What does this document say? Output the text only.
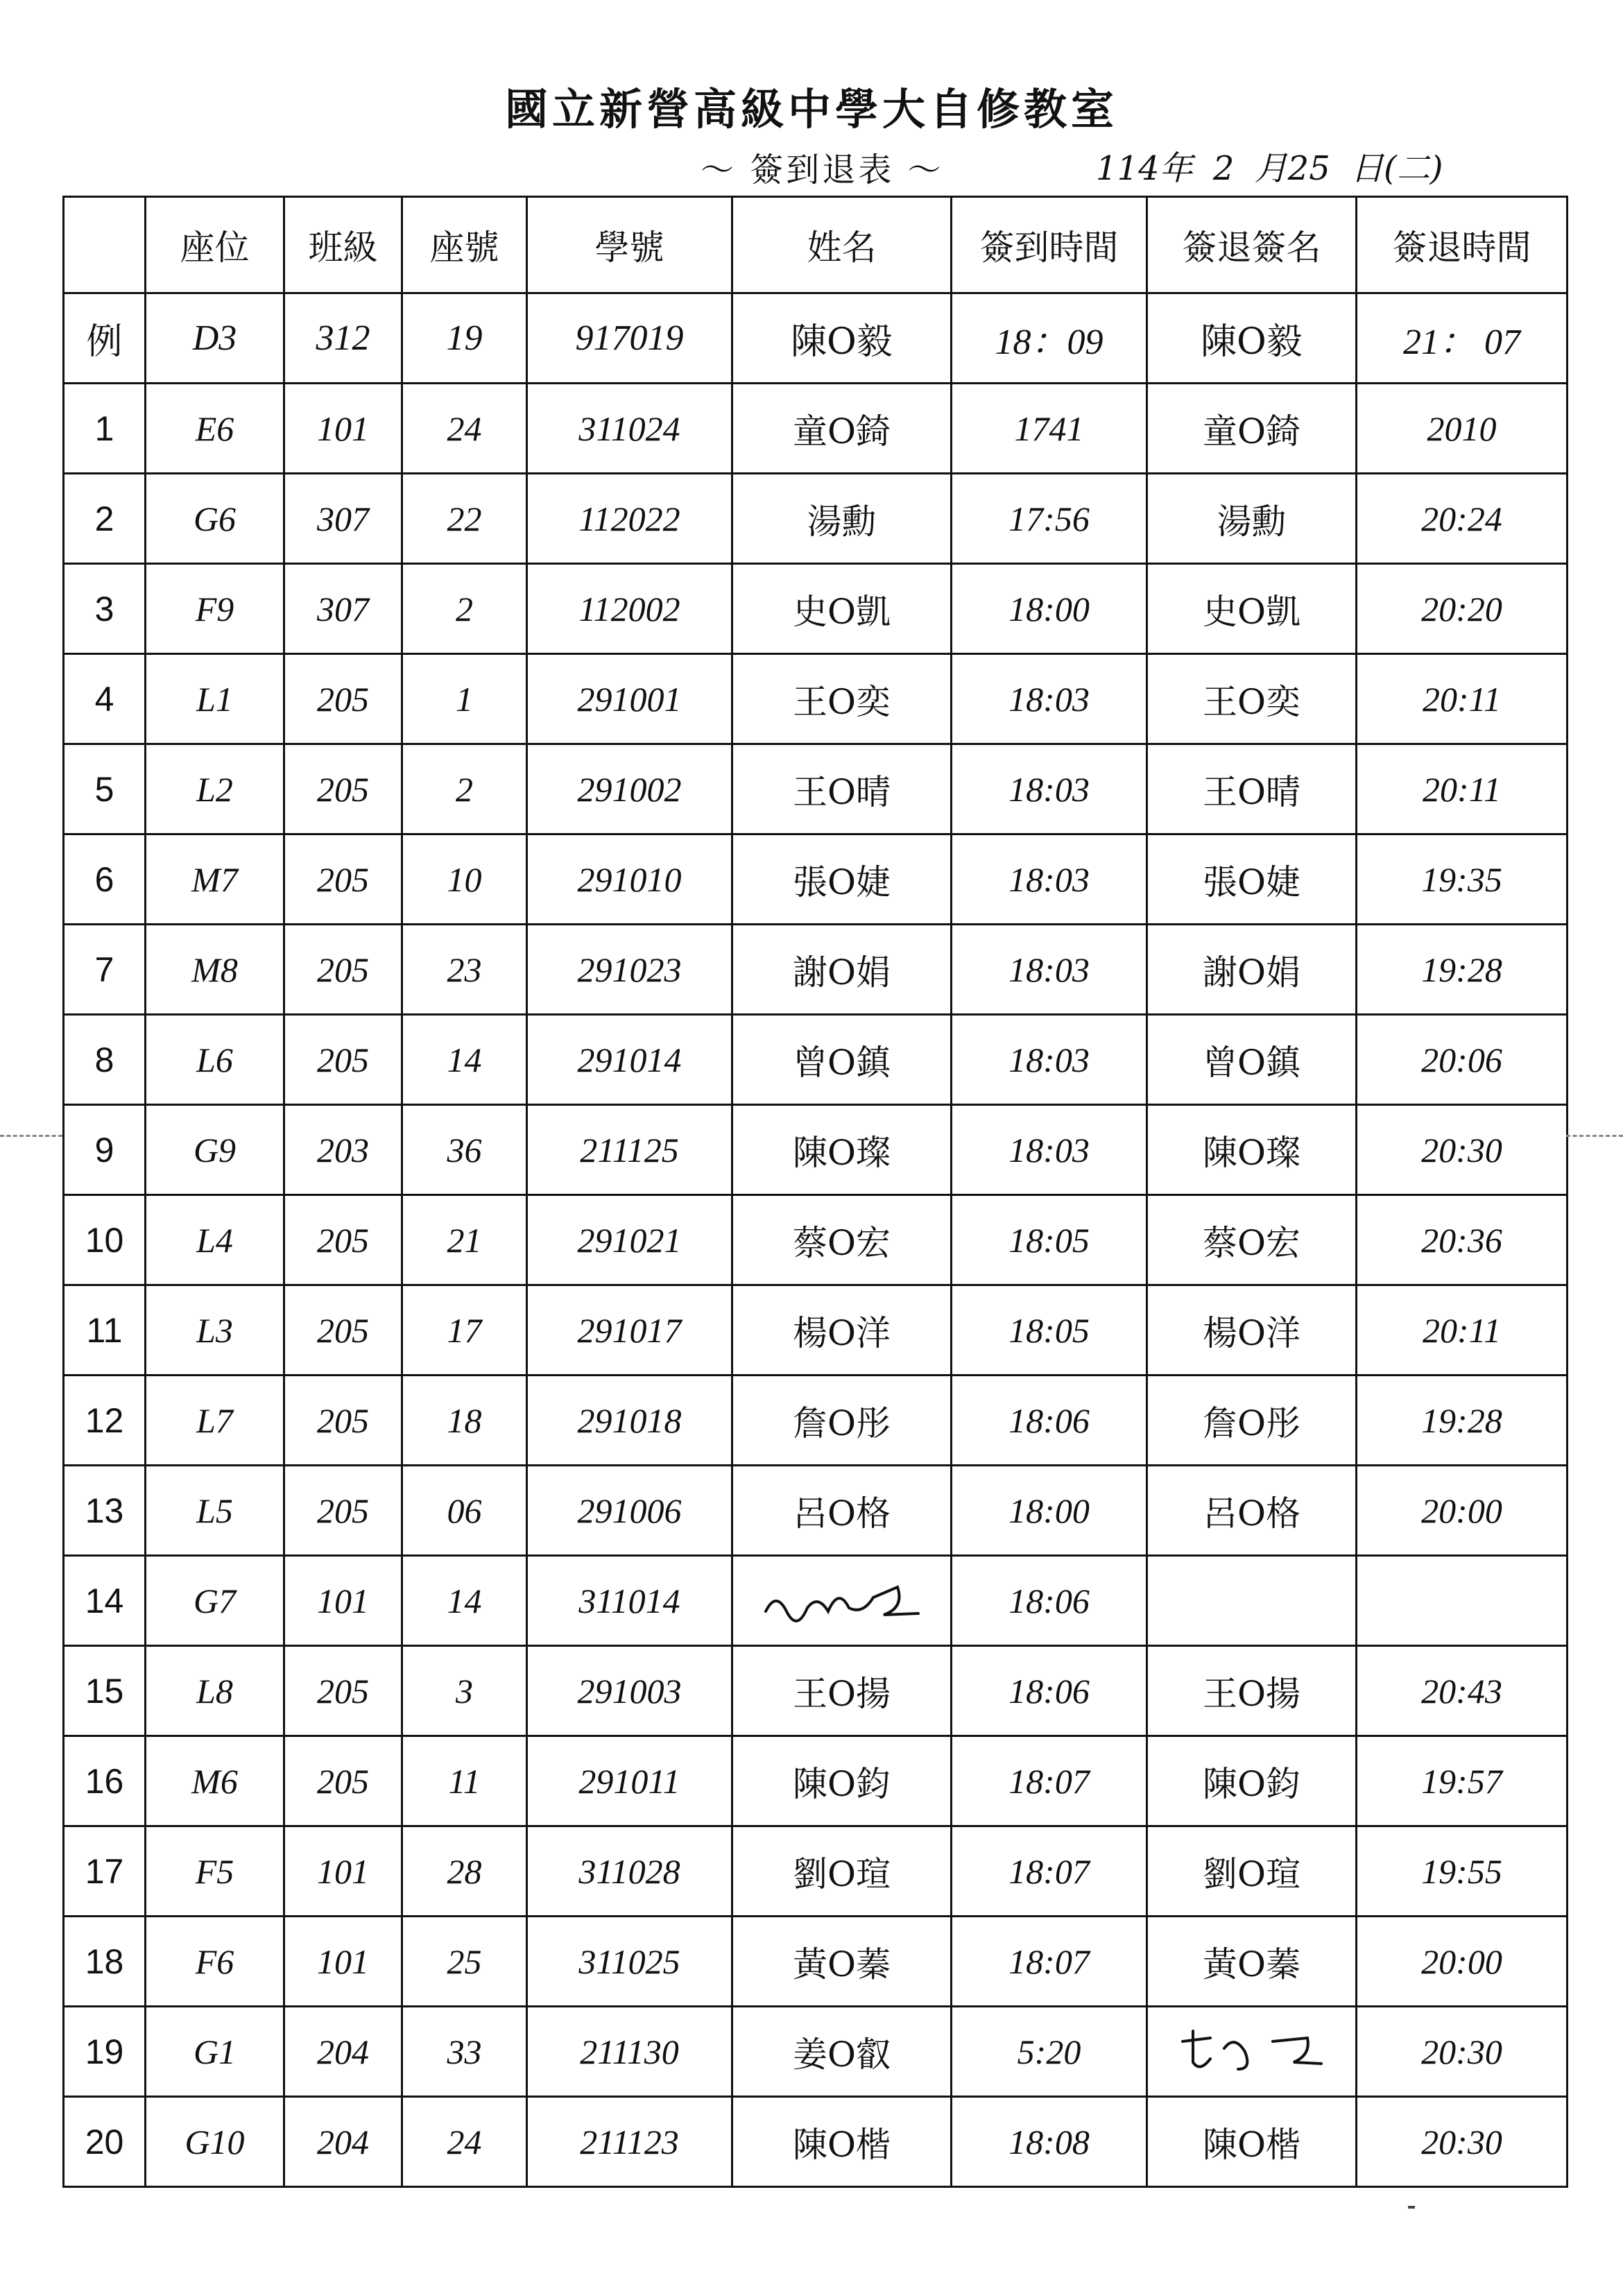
國立新營高級中學大自修教室
～ 簽到退表 ～	114年 2 月25 日(二)
	座位	班級	座號	學號	姓名	簽到時間	簽退簽名	簽退時間
例	D3	312	19	917019	陳O毅	18：09	陳O毅	21： 07
1	E6	101	24	311024	童O錡	1741	童O錡	2010
2	G6	307	22	112022	湯勳	17:56	湯勳	20:24
3	F9	307	2	112002	史O凱	18:00	史O凱	20:20
4	L1	205	1	291001	王O奕	18:03	王O奕	20:11
5	L2	205	2	291002	王O晴	18:03	王O晴	20:11
6	M7	205	10	291010	張O婕	18:03	張O婕	19:35
7	M8	205	23	291023	謝O娟	18:03	謝O娟	19:28
8	L6	205	14	291014	曾O鎮	18:03	曾O鎮	20:06
9	G9	203	36	211125	陳O璨	18:03	陳O璨	20:30
10	L4	205	21	291021	蔡O宏	18:05	蔡O宏	20:36
11	L3	205	17	291017	楊O洋	18:05	楊O洋	20:11
12	L7	205	18	291018	詹O彤	18:06	詹O彤	19:28
13	L5	205	06	291006	呂O格	18:00	呂O格	20:00
14	G7	101	14	311014		18:06		
15	L8	205	3	291003	王O揚	18:06	王O揚	20:43
16	M6	205	11	291011	陳O鈞	18:07	陳O鈞	19:57
17	F5	101	28	311028	劉O瑄	18:07	劉O瑄	19:55
18	F6	101	25	311025	黃O蓁	18:07	黃O蓁	20:00
19	G1	204	33	211130	姜O叡	5:20		20:30
20	G10	204	24	211123	陳O楷	18:08	陳O楷	20:30
